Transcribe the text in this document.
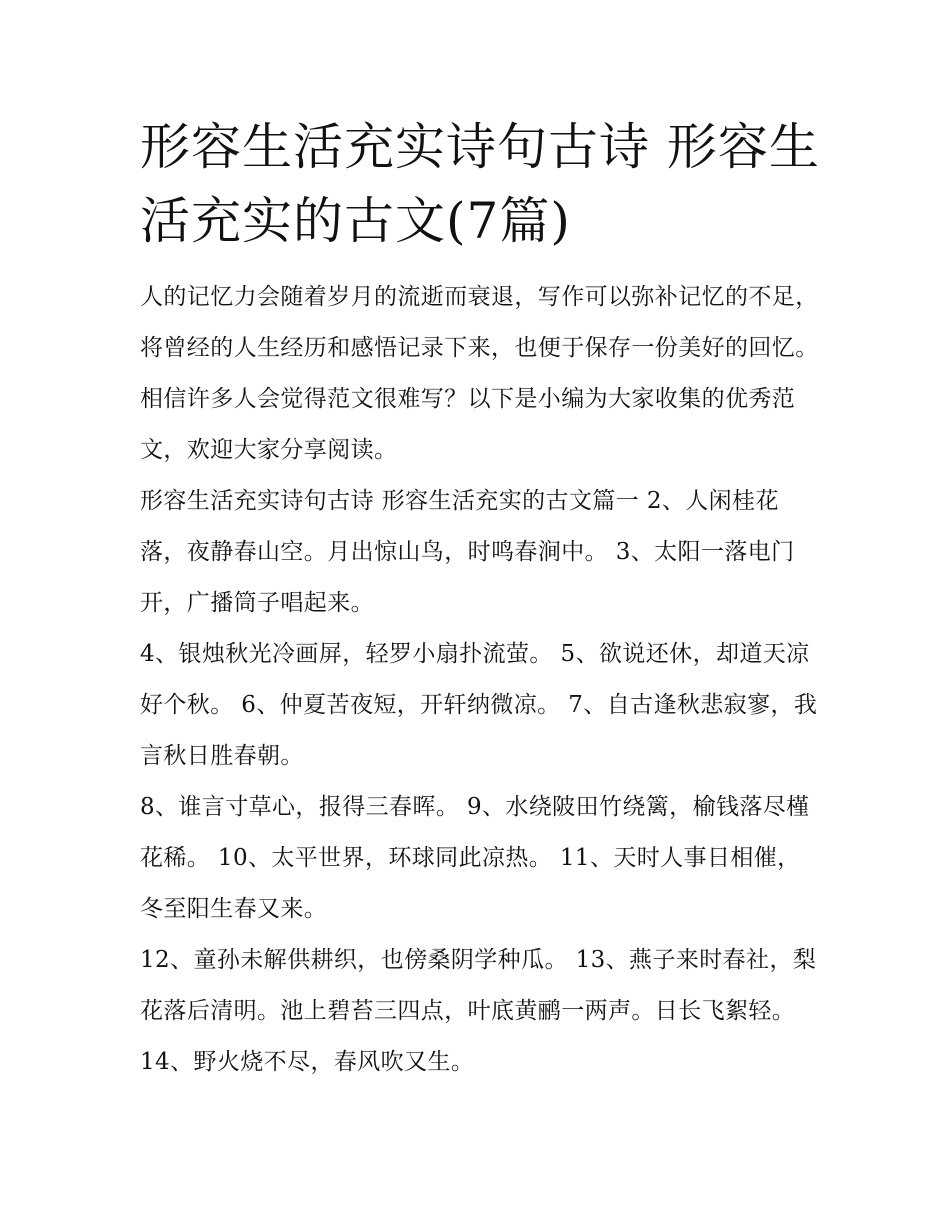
形容生活充实诗句古诗 形容生活充实的古文(7篇)

人的记忆力会随着岁月的流逝而衰退，写作可以弥补记忆的不足，将曾经的人生经历和感悟记录下来，也便于保存一份美好的回忆。相信许多人会觉得范文很难写？以下是小编为大家收集的优秀范文，欢迎大家分享阅读。

形容生活充实诗句古诗 形容生活充实的古文篇一 2、人闲桂花落，夜静春山空。月出惊山鸟，时鸣春涧中。 3、太阳一落电门开，广播筒子唱起来。

4、银烛秋光冷画屏，轻罗小扇扑流萤。 5、欲说还休，却道天凉好个秋。 6、仲夏苦夜短，开轩纳微凉。 7、自古逢秋悲寂寥，我言秋日胜春朝。

8、谁言寸草心，报得三春晖。 9、水绕陂田竹绕篱，榆钱落尽槿花稀。 10、太平世界，环球同此凉热。 11、天时人事日相催，冬至阳生春又来。

12、童孙未解供耕织，也傍桑阴学种瓜。 13、燕子来时春社，梨花落后清明。池上碧苔三四点，叶底黄鹂一两声。日长飞絮轻。 14、野火烧不尽，春风吹又生。
